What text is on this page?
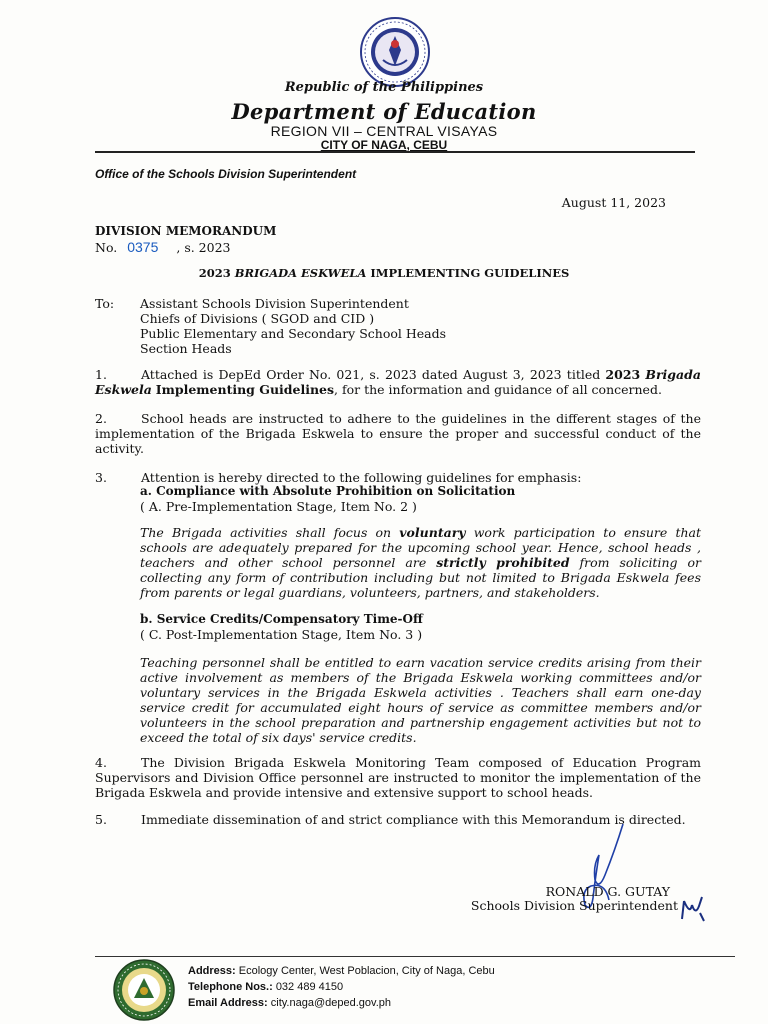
Republic of the Philippines
Department of Education
REGION VII – CENTRAL VISAYAS
CITY OF NAGA, CEBU
Office of the Schools Division Superintendent
August 11, 2023
DIVISION MEMORANDUM
No. 0375 , s. 2023
2023 BRIGADA ESKWELA IMPLEMENTING GUIDELINES
To: Assistant Schools Division Superintendent
Chiefs of Divisions ( SGOD and CID )
Public Elementary and Secondary School Heads
Section Heads
1.	Attached is DepEd Order No. 021, s. 2023 dated August 3, 2023 titled 2023 Brigada Eskwela Implementing Guidelines, for the information and guidance of all concerned.
2.	School heads are instructed to adhere to the guidelines in the different stages of the implementation of the Brigada Eskwela to ensure the proper and successful conduct of the activity.
3.	Attention is hereby directed to the following guidelines for emphasis:
a. Compliance with Absolute Prohibition on Solicitation
( A. Pre-Implementation Stage, Item No. 2 )
The Brigada activities shall focus on voluntary work participation to ensure that schools are adequately prepared for the upcoming school year. Hence, school heads , teachers and other school personnel are strictly prohibited from soliciting or collecting any form of contribution including but not limited to Brigada Eskwela fees from parents or legal guardians, volunteers, partners, and stakeholders.
b. Service Credits/Compensatory Time-Off
( C. Post-Implementation Stage, Item No. 3 )
Teaching personnel shall be entitled to earn vacation service credits arising from their active involvement as members of the Brigada Eskwela working committees and/or voluntary services in the Brigada Eskwela activities . Teachers shall earn one-day service credit for accumulated eight hours of service as committee members and/or volunteers in the school preparation and partnership engagement activities but not to exceed the total of six days' service credits.
4.	The Division Brigada Eskwela Monitoring Team composed of Education Program Supervisors and Division Office personnel are instructed to monitor the implementation of the Brigada Eskwela and provide intensive and extensive support to school heads.
5.	Immediate dissemination of and strict compliance with this Memorandum is directed.
RONALD G. GUTAY
Schools Division Superintendent
Address: Ecology Center, West Poblacion, City of Naga, Cebu
Telephone Nos.: 032 489 4150
Email Address: city.naga@deped.gov.ph
